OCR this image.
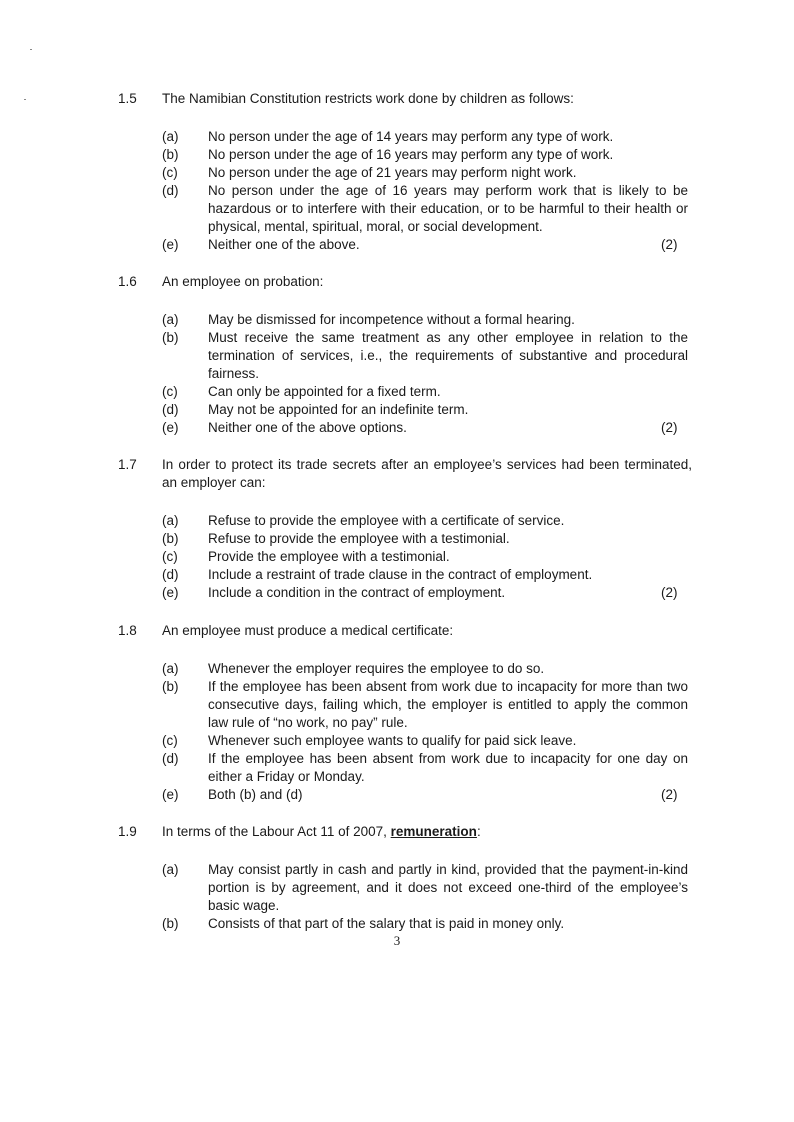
1.5 The Namibian Constitution restricts work done by children as follows:
(a) No person under the age of 14 years may perform any type of work.
(b) No person under the age of 16 years may perform any type of work.
(c) No person under the age of 21 years may perform night work.
(d) No person under the age of 16 years may perform work that is likely to be hazardous or to interfere with their education, or to be harmful to their health or physical, mental, spiritual, moral, or social development.
(e) Neither one of the above.	(2)
1.6 An employee on probation:
(a) May be dismissed for incompetence without a formal hearing.
(b) Must receive the same treatment as any other employee in relation to the termination of services, i.e., the requirements of substantive and procedural fairness.
(c) Can only be appointed for a fixed term.
(d) May not be appointed for an indefinite term.
(e) Neither one of the above options.	(2)
1.7 In order to protect its trade secrets after an employee’s services had been terminated, an employer can:
(a) Refuse to provide the employee with a certificate of service.
(b) Refuse to provide the employee with a testimonial.
(c) Provide the employee with a testimonial.
(d) Include a restraint of trade clause in the contract of employment.
(e) Include a condition in the contract of employment.	(2)
1.8 An employee must produce a medical certificate:
(a) Whenever the employer requires the employee to do so.
(b) If the employee has been absent from work due to incapacity for more than two consecutive days, failing which, the employer is entitled to apply the common law rule of “no work, no pay” rule.
(c) Whenever such employee wants to qualify for paid sick leave.
(d) If the employee has been absent from work due to incapacity for one day on either a Friday or Monday.
(e) Both (b) and (d)	(2)
1.9 In terms of the Labour Act 11 of 2007, remuneration:
(a) May consist partly in cash and partly in kind, provided that the payment-in-kind portion is by agreement, and it does not exceed one-third of the employee’s basic wage.
(b) Consists of that part of the salary that is paid in money only.
3
